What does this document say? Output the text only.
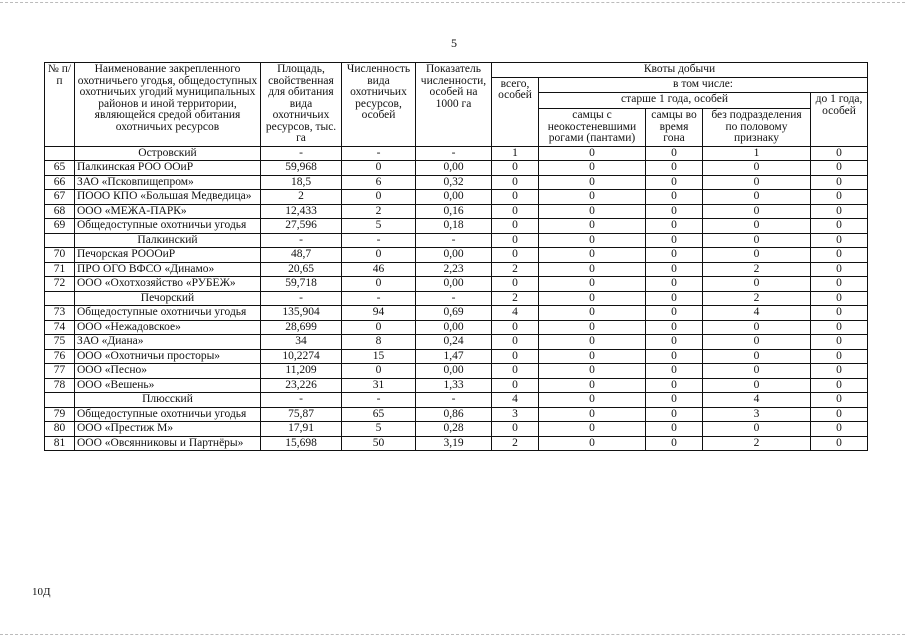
5
№ п/п	Наименование закрепленного охотничьего угодья, общедоступных охотничьих угодий муниципальных районов и иной территории, являющейся средой обитания охотничьих ресурсов	Площадь, свойственная для обитания вида охотничьих ресурсов, тыс. га	Численность вида охотничьих ресурсов, особей	Показатель численности, особей на 1000 га	Квоты добычи				
					всего, особей	в том числе:			
						старше 1 года, особей			до 1 года, особей
						самцы с неокостеневшими рогами (пантами)	самцы во время гона	без подразделения по половому признаку	
	Островский	-	-	-	1	0	0	1	0
65	Палкинская РОО ООиР	59,968	0	0,00	0	0	0	0	0
66	ЗАО «Псковпищепром»	18,5	6	0,32	0	0	0	0	0
67	ПООО КПО «Большая Медведица»	2	0	0,00	0	0	0	0	0
68	ООО «МЕЖА-ПАРК»	12,433	2	0,16	0	0	0	0	0
69	Общедоступные охотничьи угодья	27,596	5	0,18	0	0	0	0	0
	Палкинский	-	-	-	0	0	0	0	0
70	Печорская РОООиР	48,7	0	0,00	0	0	0	0	0
71	ПРО ОГО ВФСО «Динамо»	20,65	46	2,23	2	0	0	2	0
72	ООО «Охотхозяйство «РУБЕЖ»	59,718	0	0,00	0	0	0	0	0
	Печорский	-	-	-	2	0	0	2	0
73	Общедоступные охотничьи угодья	135,904	94	0,69	4	0	0	4	0
74	ООО «Нежадовское»	28,699	0	0,00	0	0	0	0	0
75	ЗАО «Диана»	34	8	0,24	0	0	0	0	0
76	ООО «Охотничьи просторы»	10,2274	15	1,47	0	0	0	0	0
77	ООО «Песно»	11,209	0	0,00	0	0	0	0	0
78	ООО «Вешень»	23,226	31	1,33	0	0	0	0	0
	Плюсский	-	-	-	4	0	0	4	0
79	Общедоступные охотничьи угодья	75,87	65	0,86	3	0	0	3	0
80	ООО «Престиж М»	17,91	5	0,28	0	0	0	0	0
81	ООО «Овсянниковы и Партнёры»	15,698	50	3,19	2	0	0	2	0
10Д
